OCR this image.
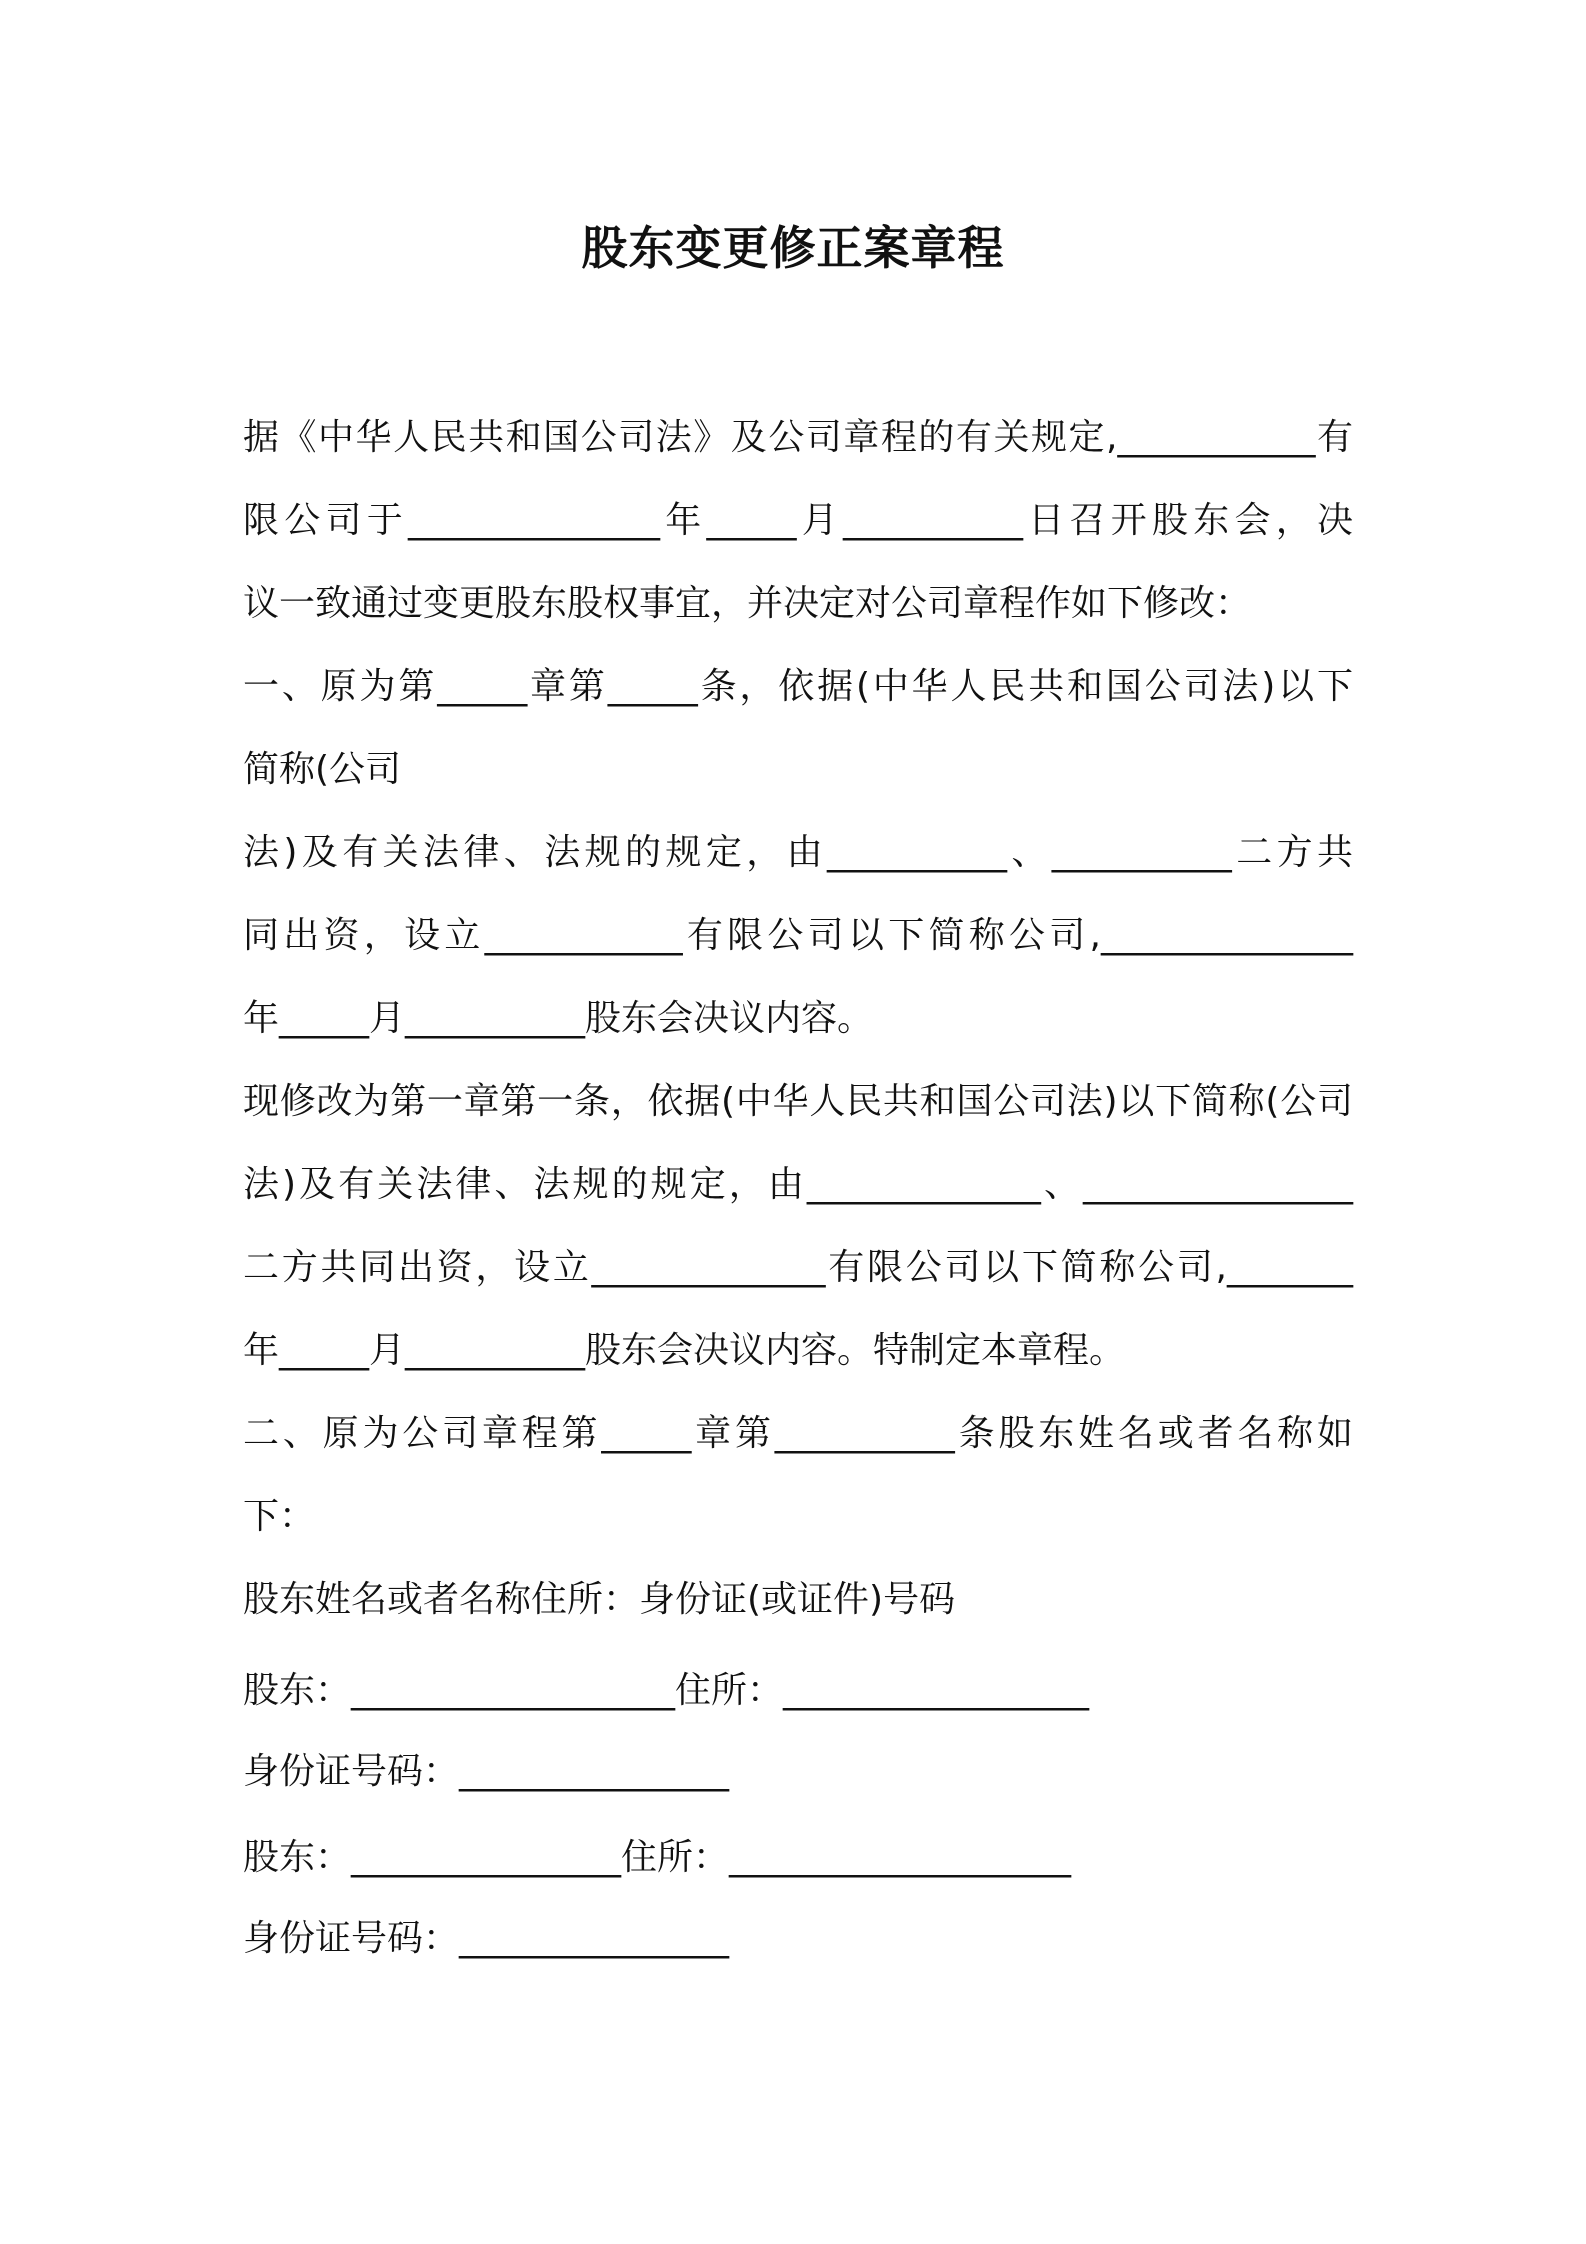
股东变更修正案章程
据《中华人民共和国公司法》及公司章程的有关规定,___________有
限公司于______________年_____月__________日召开股东会，决
议一致通过变更股东股权事宜，并决定对公司章程作如下修改：
一、原为第_____章第_____条，依据(中华人民共和国公司法)以下
简称(公司
法)及有关法律、法规的规定，由__________、__________二方共
同出资，设立___________有限公司以下简称公司,______________
年_____月__________股东会决议内容。
现修改为第一章第一条，依据(中华人民共和国公司法)以下简称(公司
法)及有关法律、法规的规定，由_____________、_______________
二方共同出资，设立_____________有限公司以下简称公司,_______
年_____月__________股东会决议内容。特制定本章程。
二、原为公司章程第_____章第__________条股东姓名或者名称如
下：
股东姓名或者名称住所：身份证(或证件)号码
股东：__________________住所：_________________
身份证号码：_______________
股东：_______________住所：___________________
身份证号码：_______________
